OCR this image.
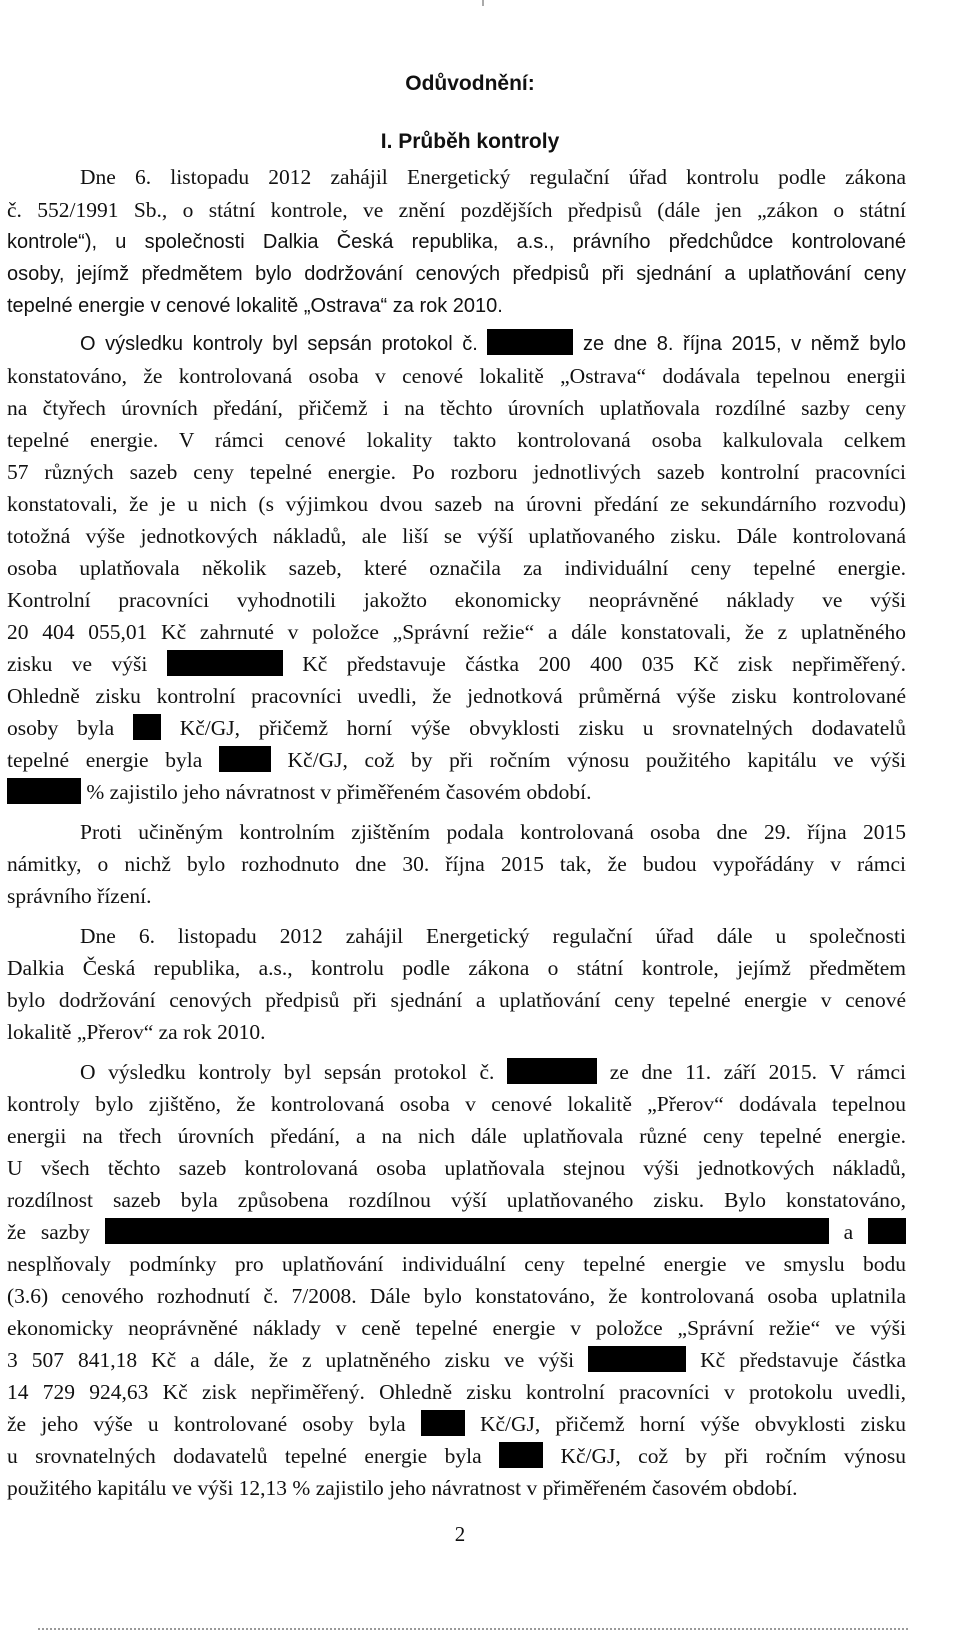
Odůvodnění:
I. Průběh kontroly
Dne 6. listopadu 2012 zahájil Energetický regulační úřad kontrolu podle zákona
č. 552/1991 Sb., o státní kontrole, ve znění pozdějších předpisů (dále jen „zákon o státní
kontrole“), u společnosti Dalkia Česká republika, a.s., právního předchůdce kontrolované
osoby, jejímž předmětem bylo dodržování cenových předpisů při sjednání a uplatňování ceny
tepelné energie v cenové lokalitě „Ostrava“ za rok 2010.
O výsledku kontroly byl sepsán protokol č.	ze dne 8. října 2015, v němž bylo
konstatováno, že kontrolovaná osoba v cenové lokalitě „Ostrava“ dodávala tepelnou energii
na čtyřech úrovních předání, přičemž i na těchto úrovních uplatňovala rozdílné sazby ceny
tepelné energie. V rámci cenové lokality takto kontrolovaná osoba kalkulovala celkem
57 různých sazeb ceny tepelné energie. Po rozboru jednotlivých sazeb kontrolní pracovníci
konstatovali, že je u nich (s výjimkou dvou sazeb na úrovni předání ze sekundárního rozvodu)
totožná výše jednotkových nákladů, ale liší se výší uplatňovaného zisku. Dále kontrolovaná
osoba uplatňovala několik sazeb, které označila za individuální ceny tepelné energie.
Kontrolní pracovníci vyhodnotili jakožto ekonomicky neoprávněné náklady ve výši
20 404 055,01 Kč zahrnuté v položce „Správní režie“ a dále konstatovali, že z uplatněného
zisku ve výši	Kč představuje částka 200 400 035 Kč zisk nepřiměřený.
Ohledně zisku kontrolní pracovníci uvedli, že jednotková průměrná výše zisku kontrolované
osoby byla	Kč/GJ, přičemž horní výše obvyklosti zisku u srovnatelných dodavatelů
tepelné energie byla	Kč/GJ, což by při ročním výnosu použitého kapitálu ve výši
% zajistilo jeho návratnost v přiměřeném časovém období.
Proti učiněným kontrolním zjištěním podala kontrolovaná osoba dne 29. října 2015
námitky, o nichž bylo rozhodnuto dne 30. října 2015 tak, že budou vypořádány v rámci
správního řízení.
Dne 6. listopadu 2012 zahájil Energetický regulační úřad dále u společnosti
Dalkia Česká republika, a.s., kontrolu podle zákona o státní kontrole, jejímž předmětem
bylo dodržování cenových předpisů při sjednání a uplatňování ceny tepelné energie v cenové
lokalitě „Přerov“ za rok 2010.
O výsledku kontroly byl sepsán protokol č.	ze dne 11. září 2015. V rámci
kontroly bylo zjištěno, že kontrolovaná osoba v cenové lokalitě „Přerov“ dodávala tepelnou
energii na třech úrovních předání, a na nich dále uplatňovala různé ceny tepelné energie.
U všech těchto sazeb kontrolovaná osoba uplatňovala stejnou výši jednotkových nákladů,
rozdílnost sazeb byla způsobena rozdílnou výší uplatňovaného zisku. Bylo konstatováno,
že sazby	a
nesplňovaly podmínky pro uplatňování individuální ceny tepelné energie ve smyslu bodu
(3.6) cenového rozhodnutí č. 7/2008. Dále bylo konstatováno, že kontrolovaná osoba uplatnila
ekonomicky neoprávněné náklady v ceně tepelné energie v položce „Správní režie“ ve výši
3 507 841,18 Kč a dále, že z uplatněného zisku ve výši	Kč představuje částka
14 729 924,63 Kč zisk nepřiměřený. Ohledně zisku kontrolní pracovníci v protokolu uvedli,
že jeho výše u kontrolované osoby byla	Kč/GJ, přičemž horní výše obvyklosti zisku
u srovnatelných dodavatelů tepelné energie byla	Kč/GJ, což by při ročním výnosu
použitého kapitálu ve výši 12,13 % zajistilo jeho návratnost v přiměřeném časovém období.
2
